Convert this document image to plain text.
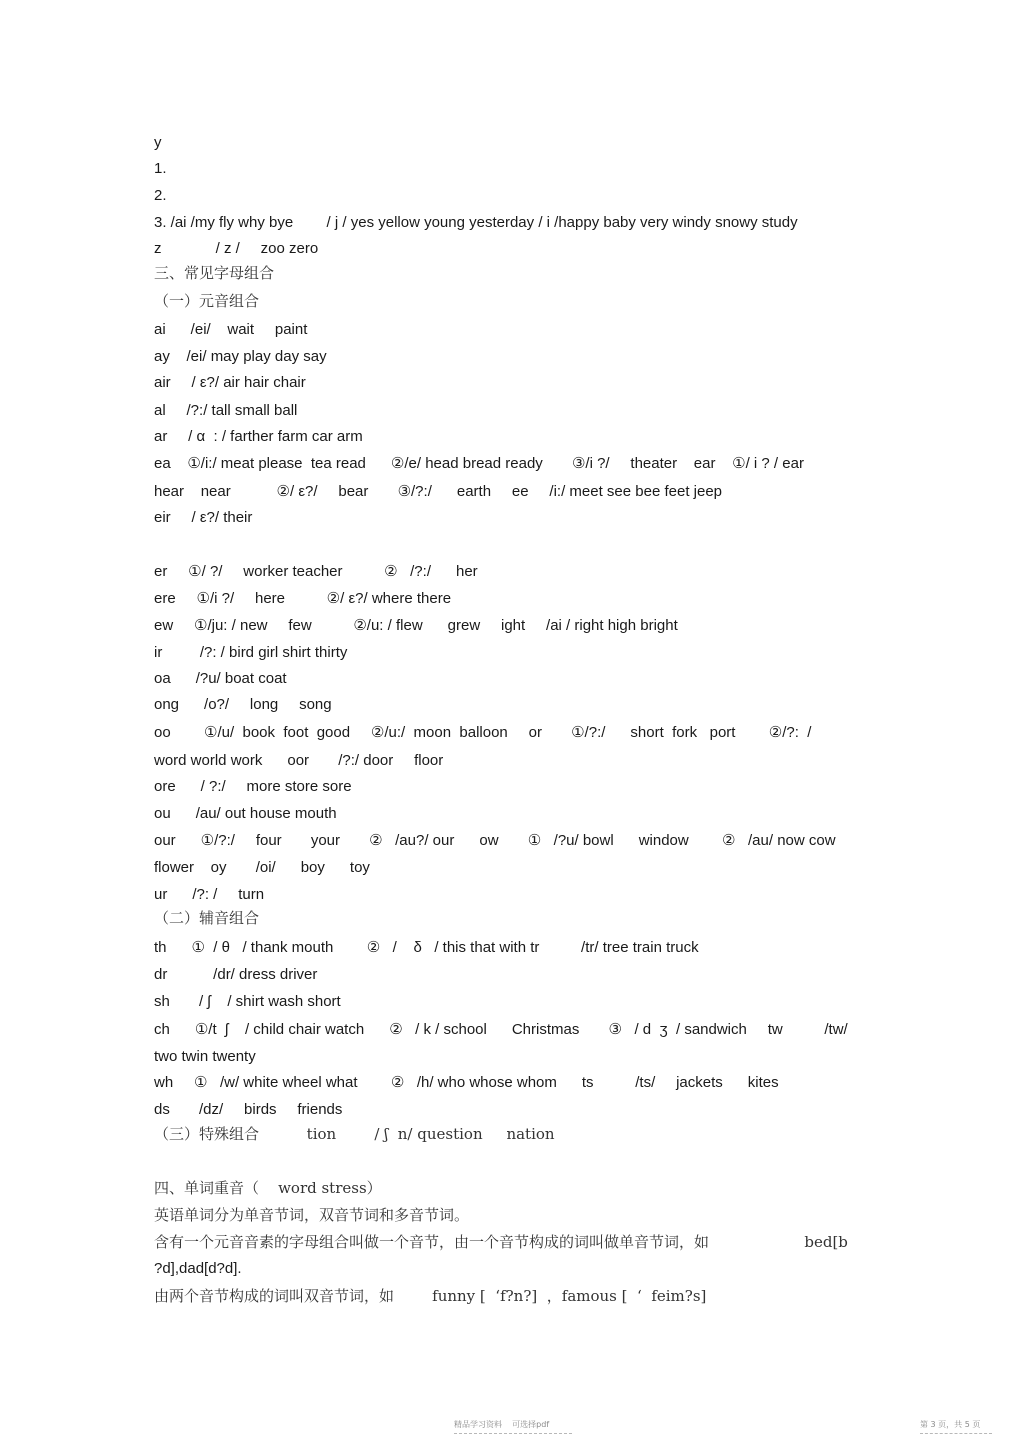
y

1.

2.

3. /ai /my fly why bye        / j / yes yellow young yesterday / i /happy baby very windy snowy study

z             / z /     zoo zero

三、常见字母组合

（一）元音组合

ai      /ei/    wait     paint

ay    /ei/ may play day say

air     / ε?/ air hair chair

al     /?:/ tall small ball

ar     / α  : / farther farm car arm

ea    ①/i:/ meat please  tea read      ②/e/ head bread ready       ③/i ?/     theater    ear    ①/ i ? / ear

hear    near           ②/ ε?/     bear       ③/?:/      earth     ee     /i:/ meet see bee feet jeep

eir     / ε?/ their

er     ①/ ?/     worker teacher          ②   /?:/      her

ere     ①/i ?/     here          ②/ ε?/ where there

ew     ①/ju: / new     few          ②/u: / flew      grew     ight     /ai / right high bright

ir         /?: / bird girl shirt thirty

oa      /?u/ boat coat

ong      /o?/     long     song

oo        ①/u/  book  foot  good     ②/u:/  moon  balloon     or       ①/?:/      short  fork   port        ②/?:  /

word world work      oor       /?:/ door     floor

ore      / ?:/     more store sore

ou      /au/ out house mouth

our      ①/?:/     four       your       ②   /au?/ our      ow       ①   /?u/ bowl      window        ②   /au/ now cow

flower    oy       /oi/      boy      toy

ur      /?: /     turn

（二）辅音组合

th      ①  / θ   / thank mouth        ②   /    δ   / this that with tr          /tr/ tree train truck

dr           /dr/ dress driver

sh       / ʃ    / shirt wash short

ch      ①/t  ʃ    / child chair watch      ②   / k / school      Christmas       ③   / d  ʒ  / sandwich     tw          /tw/

two twin twenty

wh     ①   /w/ white wheel what        ②   /h/ who whose whom      ts          /ts/     jackets      kites

ds       /dz/     birds     friends

（三）特殊组合          tion        / ʃ  n/ question     nation

四、单词重音（    word stress）

英语单词分为单音节词，双音节词和多音节词。

含有一个元音音素的字母组合叫做一个音节，由一个音节构成的词叫做单音节词，如                    bed[b

?d],dad[d?d].

由两个音节构成的词叫双音节词，如        funny [  ‘f?n?]  ，famous [  ‘  feim?s]

精品学习资料    可选择pdf	第 3 页，共 5 页
